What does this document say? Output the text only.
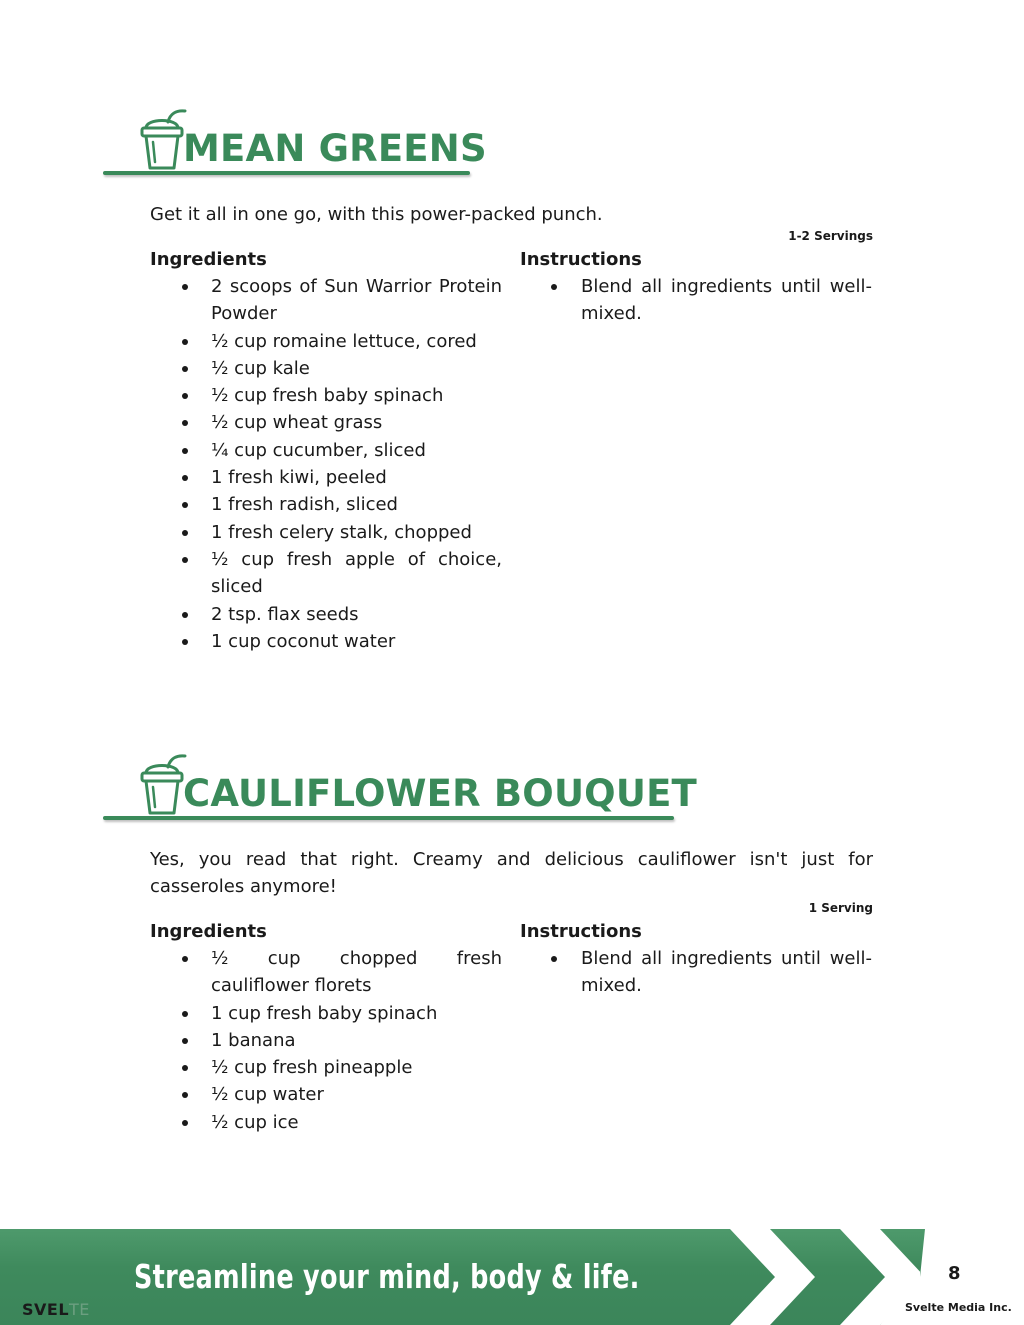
MEAN GREENS

Get it all in one go, with this power-packed punch.

1-2 Servings
Ingredients
2 scoops of Sun Warrior Protein Powder
½ cup romaine lettuce, cored
½ cup kale
½ cup fresh baby spinach
½ cup wheat grass
¼ cup cucumber, sliced
1 fresh kiwi, peeled
1 fresh radish, sliced
1 fresh celery stalk, chopped
½ cup fresh apple of choice, sliced
2 tsp. flax seeds
1 cup coconut water
Instructions
Blend all ingredients until well-mixed.
CAULIFLOWER BOUQUET

Yes, you read that right. Creamy and delicious cauliflower isn't just for casseroles anymore!

1 Serving
Ingredients
½ cup chopped fresh cauliflower florets
1 cup fresh baby spinach
1 banana
½ cup fresh pineapple
½ cup water
½ cup ice
Instructions
Blend all ingredients until well-mixed.
Streamline your mind, body & life.
SVELTE
8
Svelte Media Inc.
